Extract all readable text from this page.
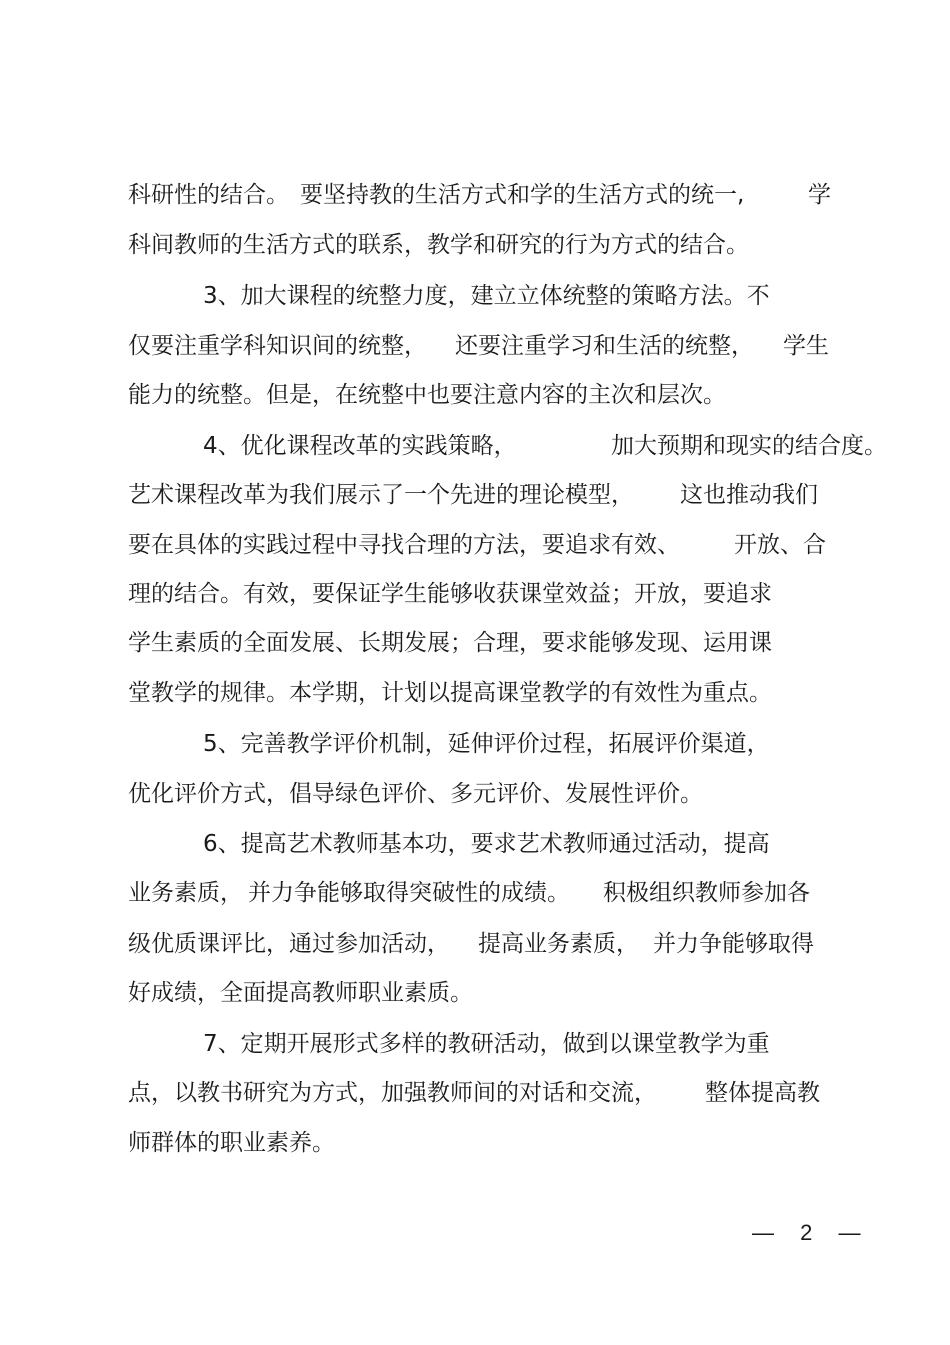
科研性的结合。 要坚持教的生活方式和学的生活方式的统一,	学
科间教师的生活方式的联系，教学和研究的行为方式的结合。
3、加大课程的统整力度，建立立体统整的策略方法。不
仅要注重学科知识间的统整， 还要注重学习和生活的统整， 学生
能力的统整。但是，在统整中也要注意内容的主次和层次。
4、优化课程改革的实践策略，	加大预期和现实的结合度。
艺术课程改革为我们展示了一个先进的理论模型， 这也推动我们
要在具体的实践过程中寻找合理的方法，要追求有效、 开放、合
理的结合。有效，要保证学生能够收获课堂效益；开放，要追求
学生素质的全面发展、长期发展；合理，要求能够发现、运用课
堂教学的规律。本学期，计划以提高课堂教学的有效性为重点。
5、完善教学评价机制，延伸评价过程，拓展评价渠道，
优化评价方式，倡导绿色评价、多元评价、发展性评价。
6、提高艺术教师基本功，要求艺术教师通过活动，提高
业务素质， 并力争能够取得突破性的成绩。 积极组织教师参加各
级优质课评比，通过参加活动， 提高业务素质， 并力争能够取得
好成绩，全面提高教师职业素质。
7、定期开展形式多样的教研活动，做到以课堂教学为重
点，以教书研究为方式，加强教师间的对话和交流， 整体提高教
师群体的职业素养。
— 2 —
